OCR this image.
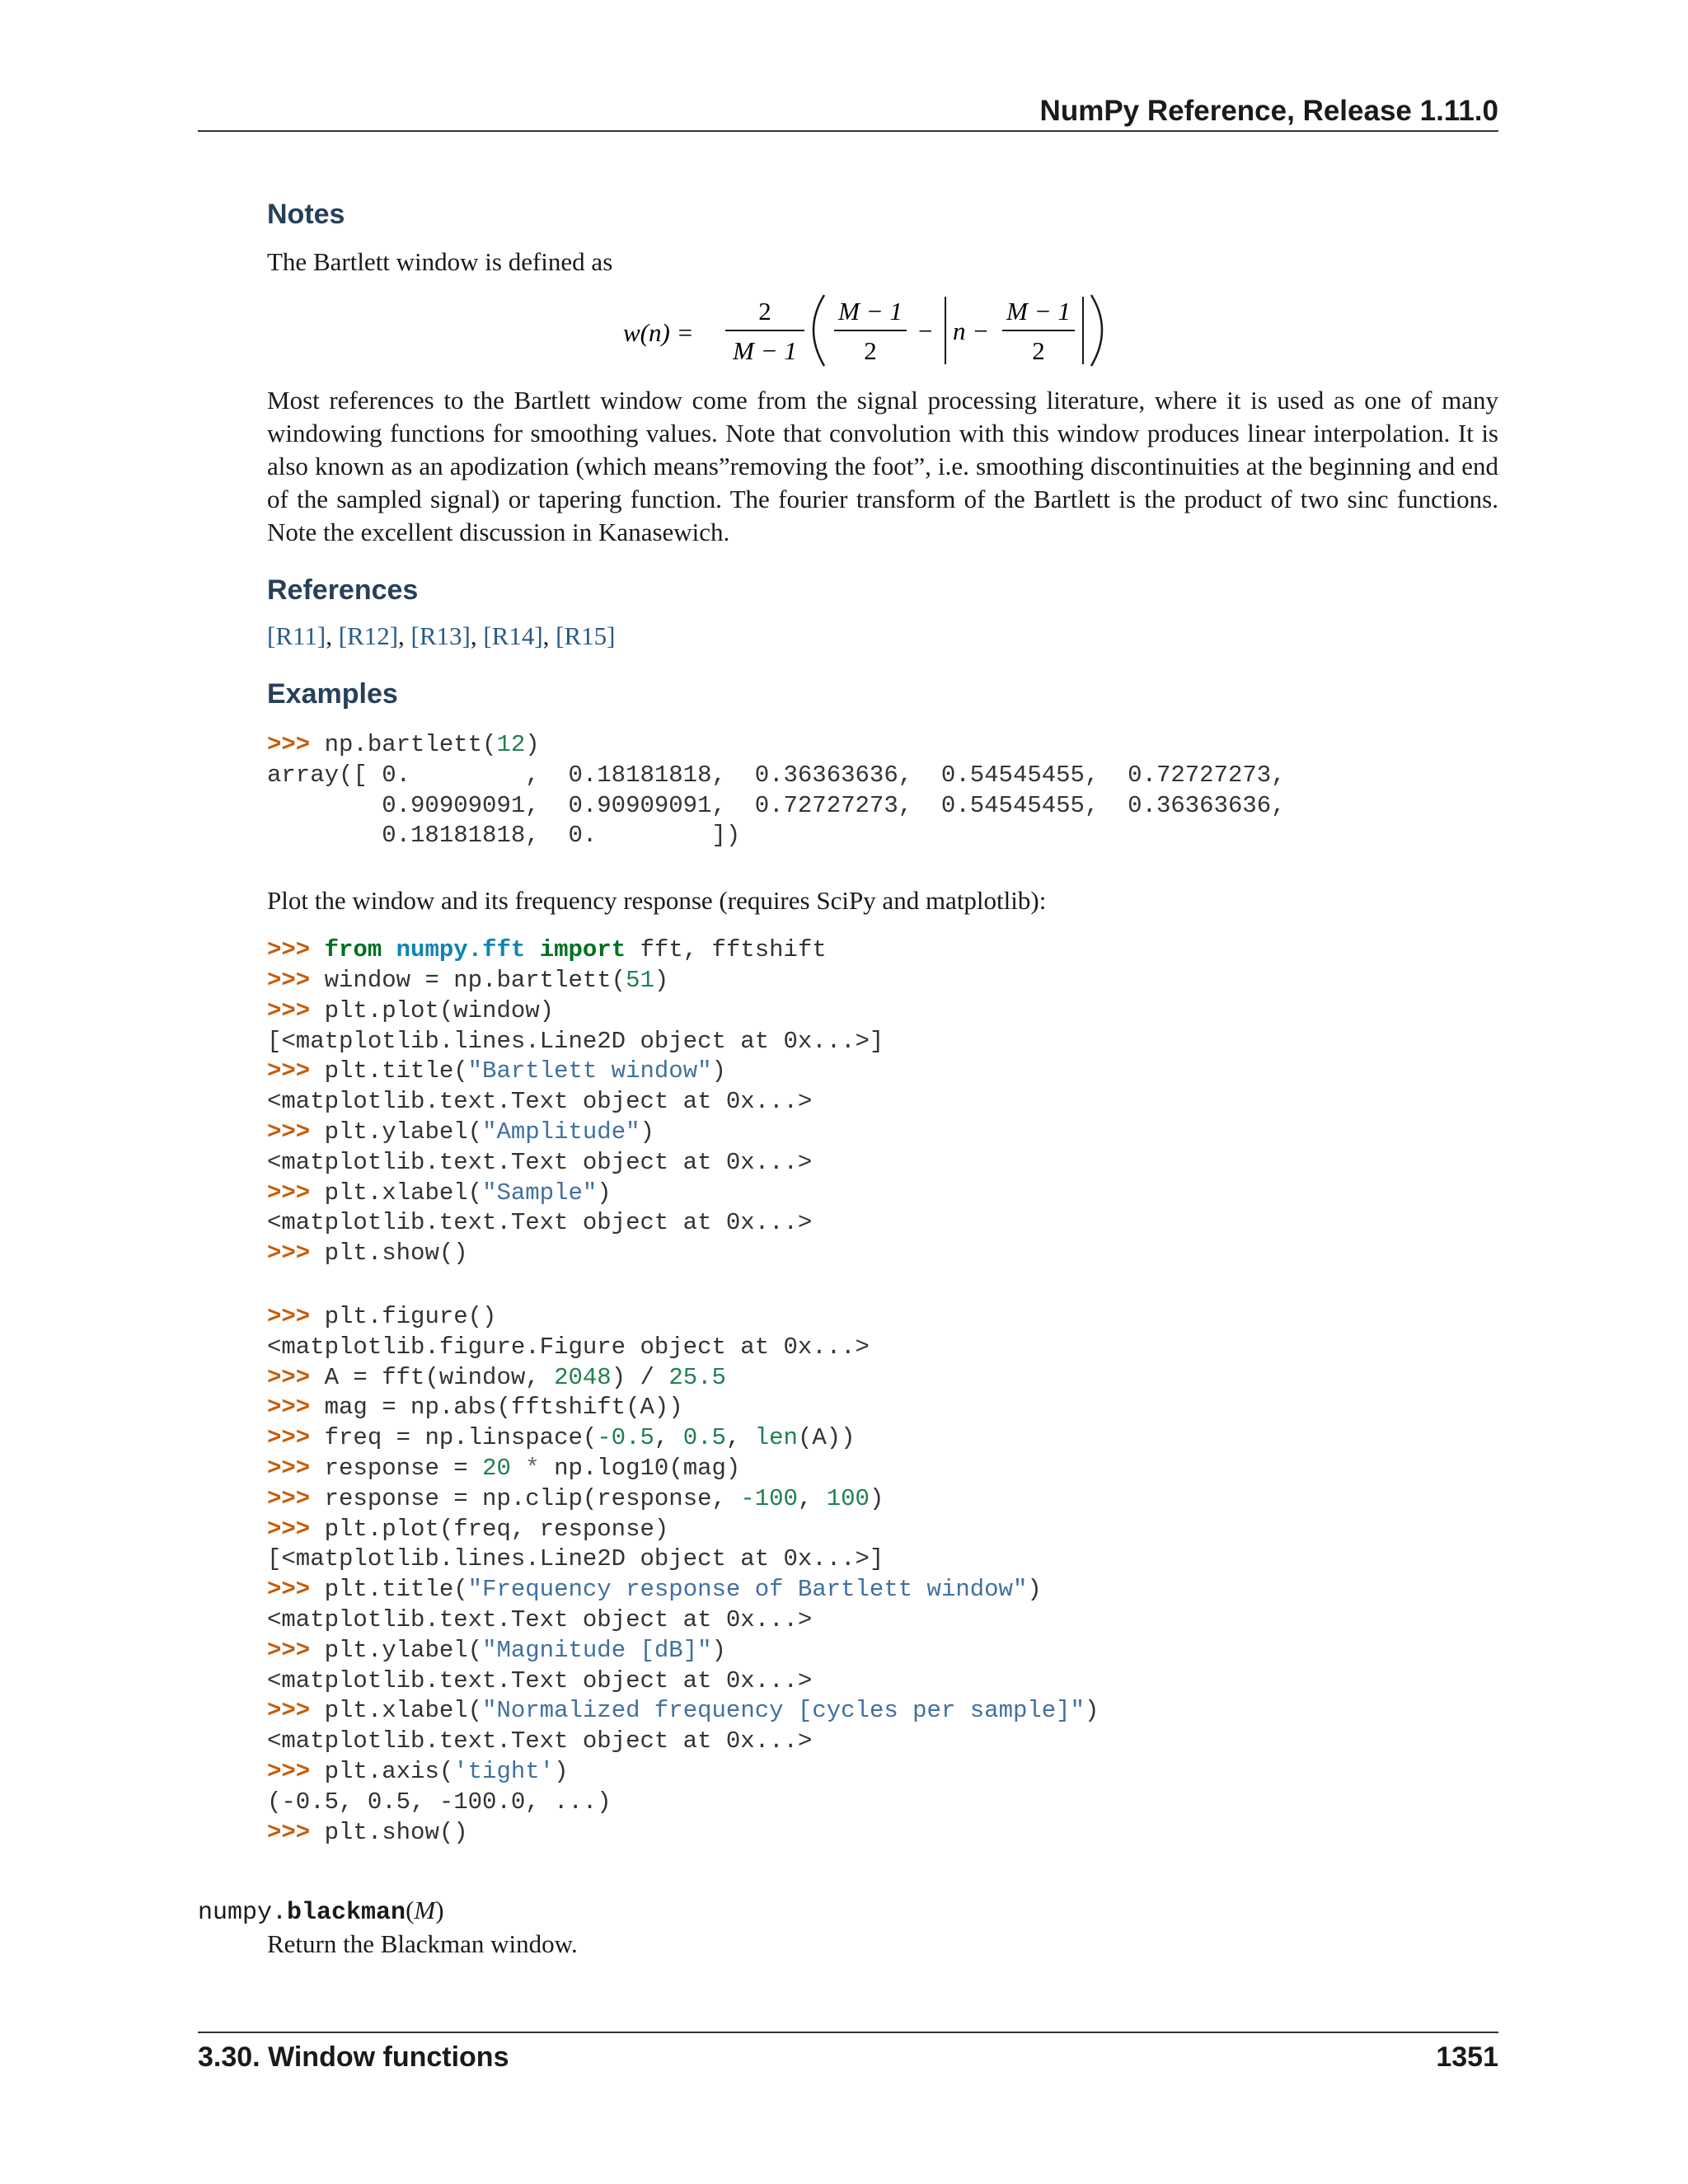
NumPy Reference, Release 1.11.0
Notes

The Bartlett window is defined as

w(n) =
2
M − 1
M − 1
2
− n −
M − 1
2

Most references to the Bartlett window come from the signal processing literature, where it is used as one of many windowing functions for smoothing values. Note that convolution with this window produces linear interpolation. It is also known as an apodization (which means”removing the foot”, i.e. smoothing discontinuities at the beginning and end of the sampled signal) or tapering function. The fourier transform of the Bartlett is the product of two sinc functions. Note the excellent discussion in Kanasewich.

References
[R11], [R12], [R13], [R14], [R15]
Examples
>>> np.bartlett(12)
array([ 0.        ,  0.18181818,  0.36363636,  0.54545455,  0.72727273,
0.90909091,  0.90909091,  0.72727273,  0.54545455,  0.36363636,
0.18181818,  0.        ])

Plot the window and its frequency response (requires SciPy and matplotlib):

>>> from numpy.fft import fft, fftshift
>>> window = np.bartlett(51)
>>> plt.plot(window)
[<matplotlib.lines.Line2D object at 0x...>]
>>> plt.title("Bartlett window")
<matplotlib.text.Text object at 0x...>
>>> plt.ylabel("Amplitude")
<matplotlib.text.Text object at 0x...>
>>> plt.xlabel("Sample")
<matplotlib.text.Text object at 0x...>
>>> plt.show()
>>> plt.figure()
<matplotlib.figure.Figure object at 0x...>
>>> A = fft(window, 2048) / 25.5
>>> mag = np.abs(fftshift(A))
>>> freq = np.linspace(-0.5, 0.5, len(A))
>>> response = 20 * np.log10(mag)
>>> response = np.clip(response, -100, 100)
>>> plt.plot(freq, response)
[<matplotlib.lines.Line2D object at 0x...>]
>>> plt.title("Frequency response of Bartlett window")
<matplotlib.text.Text object at 0x...>
>>> plt.ylabel("Magnitude [dB]")
<matplotlib.text.Text object at 0x...>
>>> plt.xlabel("Normalized frequency [cycles per sample]")
<matplotlib.text.Text object at 0x...>
>>> plt.axis('tight')
(-0.5, 0.5, -100.0, ...)
>>> plt.show()
numpy.blackman(M)
Return the Blackman window.
3.30. Window functions	1351
